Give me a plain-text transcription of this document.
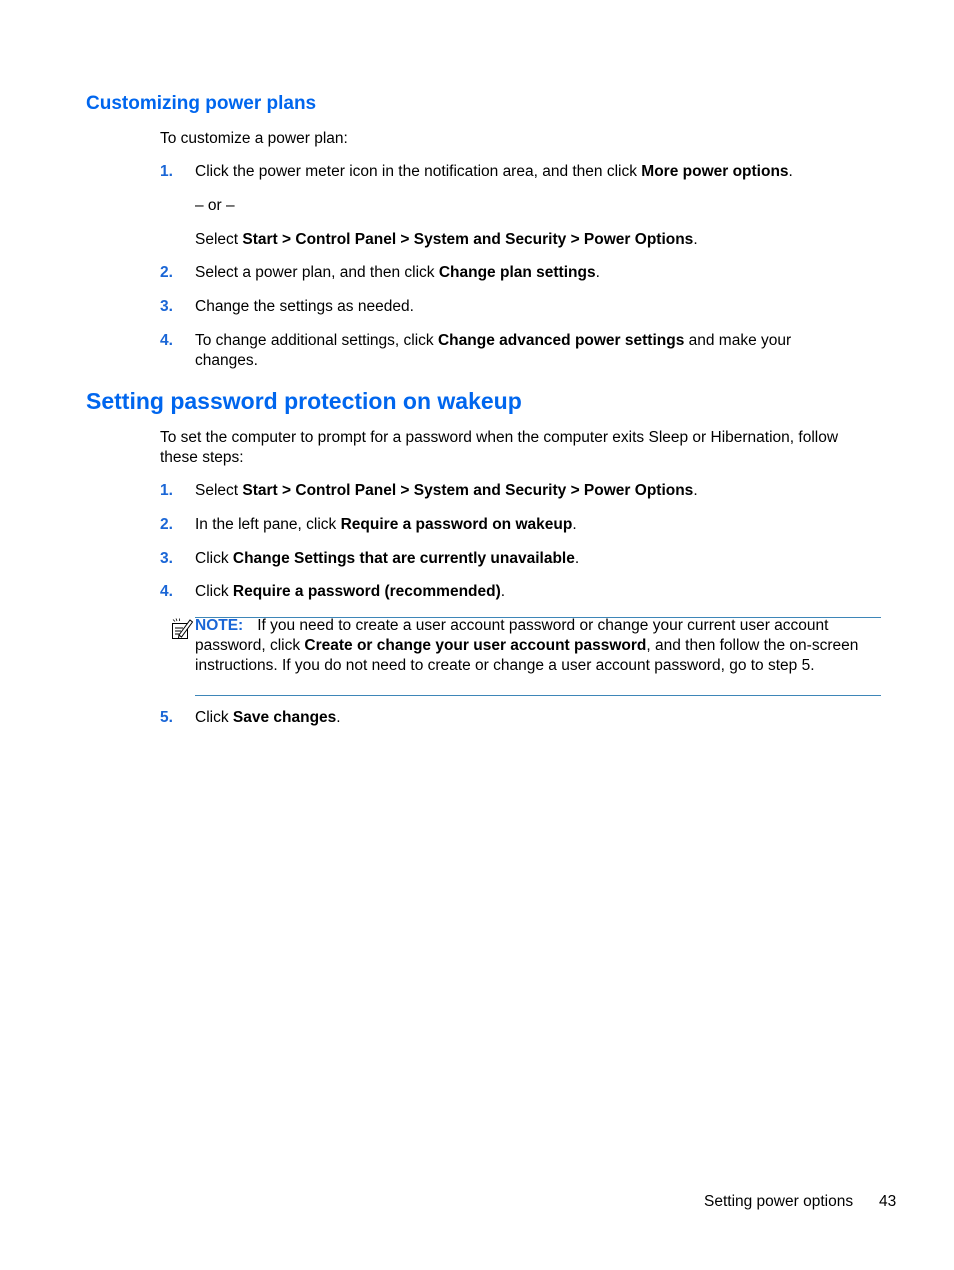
Customizing power plans

To customize a power plan:

1. Click the power meter icon in the notification area, and then click More power options.
– or –
Select Start > Control Panel > System and Security > Power Options.
2. Select a power plan, and then click Change plan settings.
3. Change the settings as needed.
4. To change additional settings, click Change advanced power settings and make your changes.
Setting password protection on wakeup

To set the computer to prompt for a password when the computer exits Sleep or Hibernation, follow these steps:

1. Select Start > Control Panel > System and Security > Power Options.
2. In the left pane, click Require a password on wakeup.
3. Click Change Settings that are currently unavailable.
4. Click Require a password (recommended).
NOTE: If you need to create a user account password or change your current user account password, click Create or change your user account password, and then follow the on-screen instructions. If you do not need to create or change a user account password, go to step 5.
5. Click Save changes.
Setting power options 43
